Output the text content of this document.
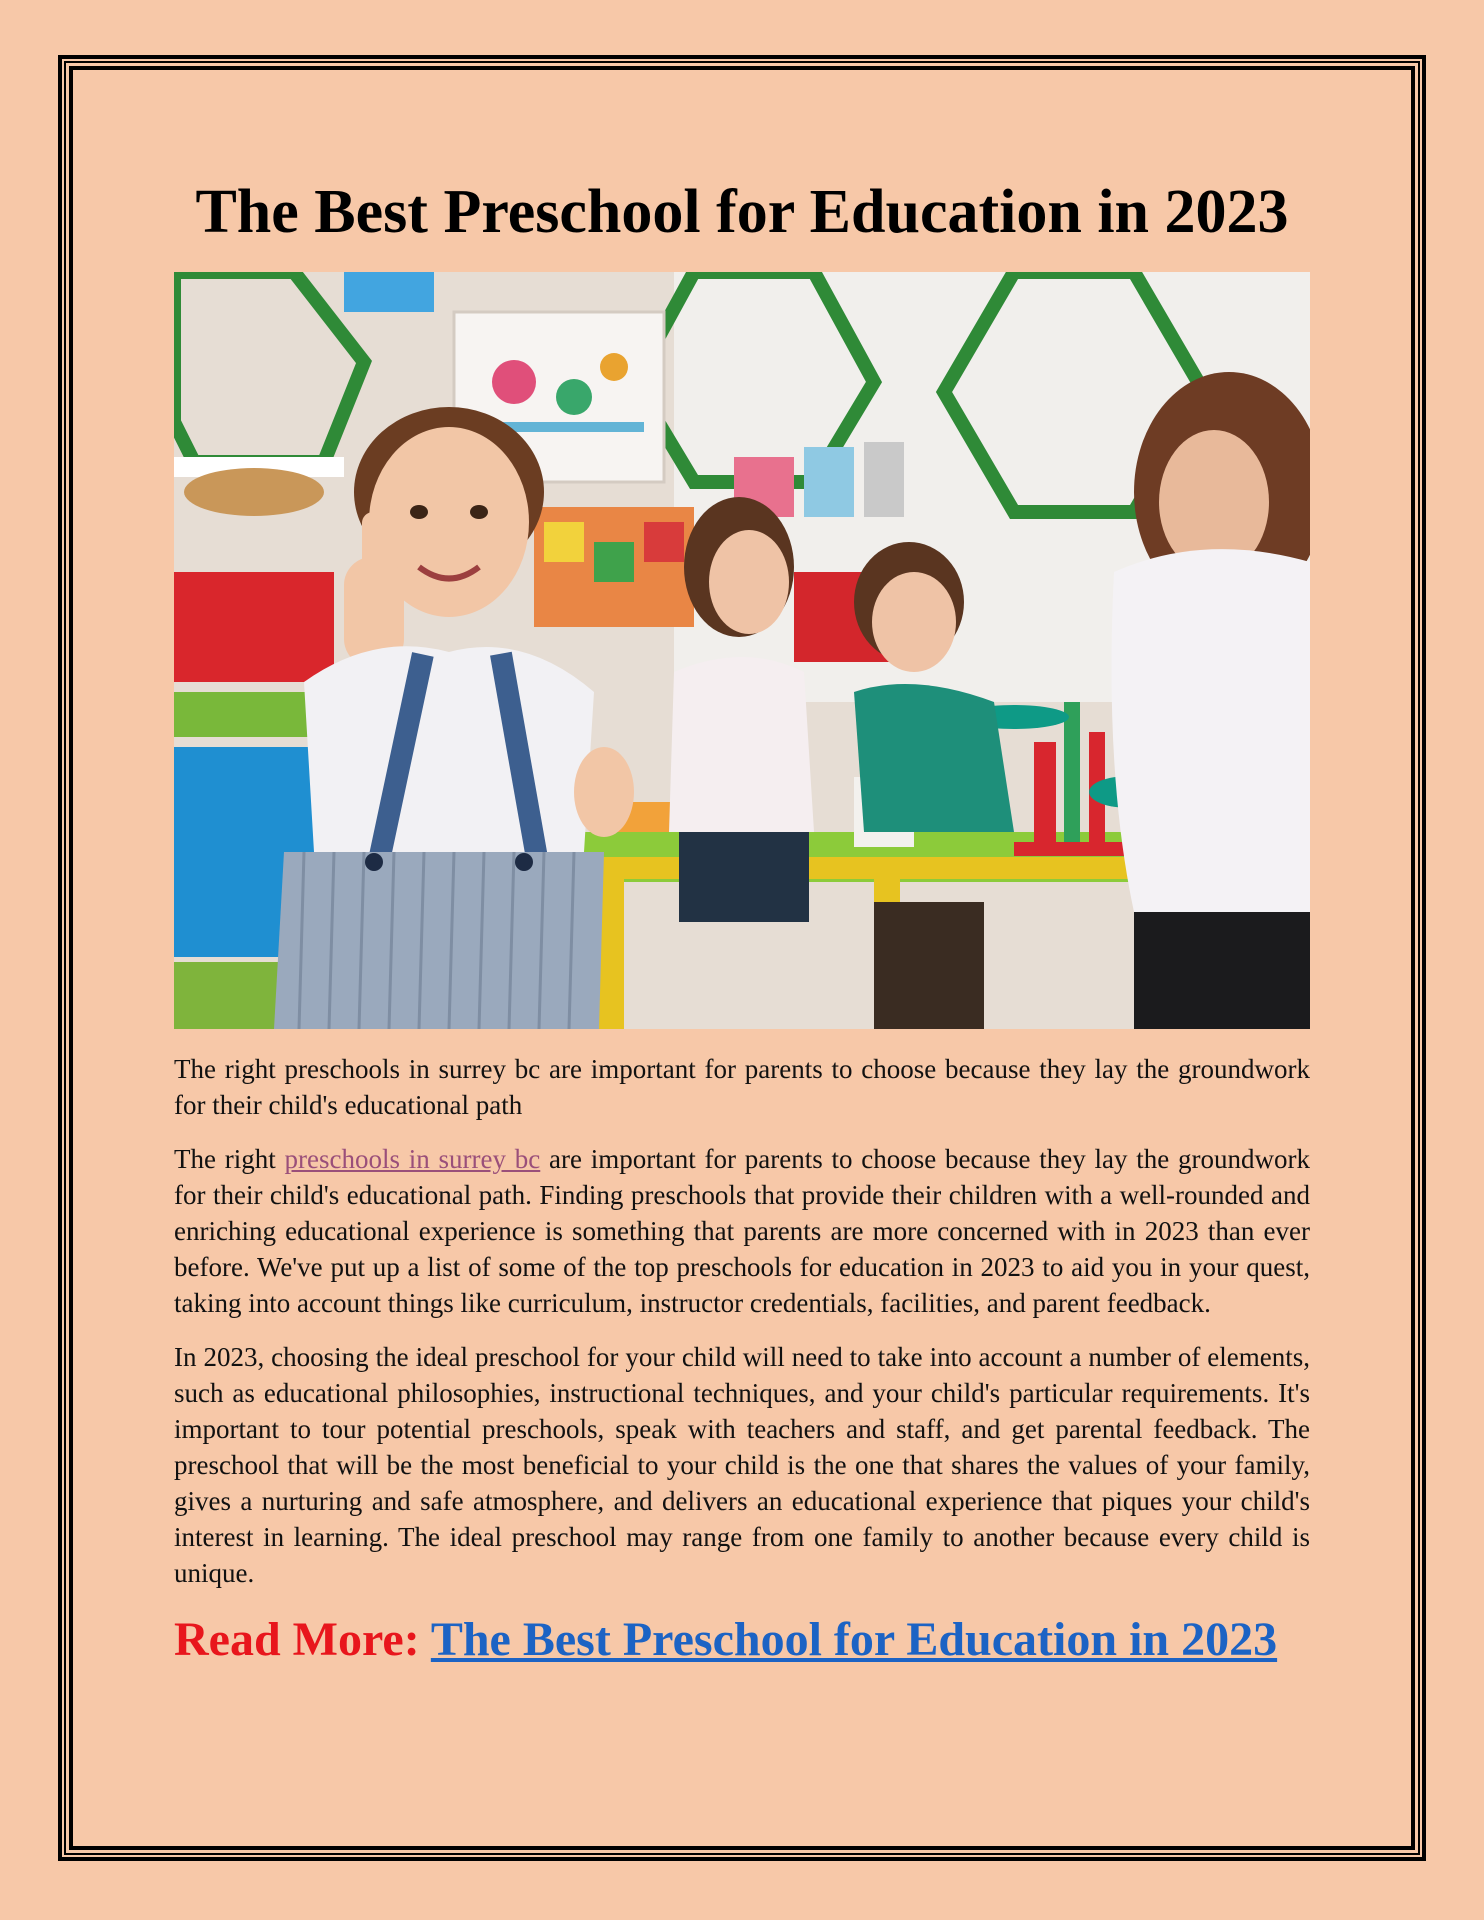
The Best Preschool for Education in 2023

The right preschools in surrey bc are important for parents to choose because they lay the groundwork for their child's educational path

The right preschools in surrey bc are important for parents to choose because they lay the groundwork for their child's educational path. Finding preschools that provide their children with a well-rounded and enriching educational experience is something that parents are more concerned with in 2023 than ever before. We've put up a list of some of the top preschools for education in 2023 to aid you in your quest, taking into account things like curriculum, instructor credentials, facilities, and parent feedback.

In 2023, choosing the ideal preschool for your child will need to take into account a number of elements, such as educational philosophies, instructional techniques, and your child's particular requirements. It's important to tour potential preschools, speak with teachers and staff, and get parental feedback. The preschool that will be the most beneficial to your child is the one that shares the values of your family, gives a nurturing and safe atmosphere, and delivers an educational experience that piques your child's interest in learning. The ideal preschool may range from one family to another because every child is unique.

Read More: The Best Preschool for Education in 2023
